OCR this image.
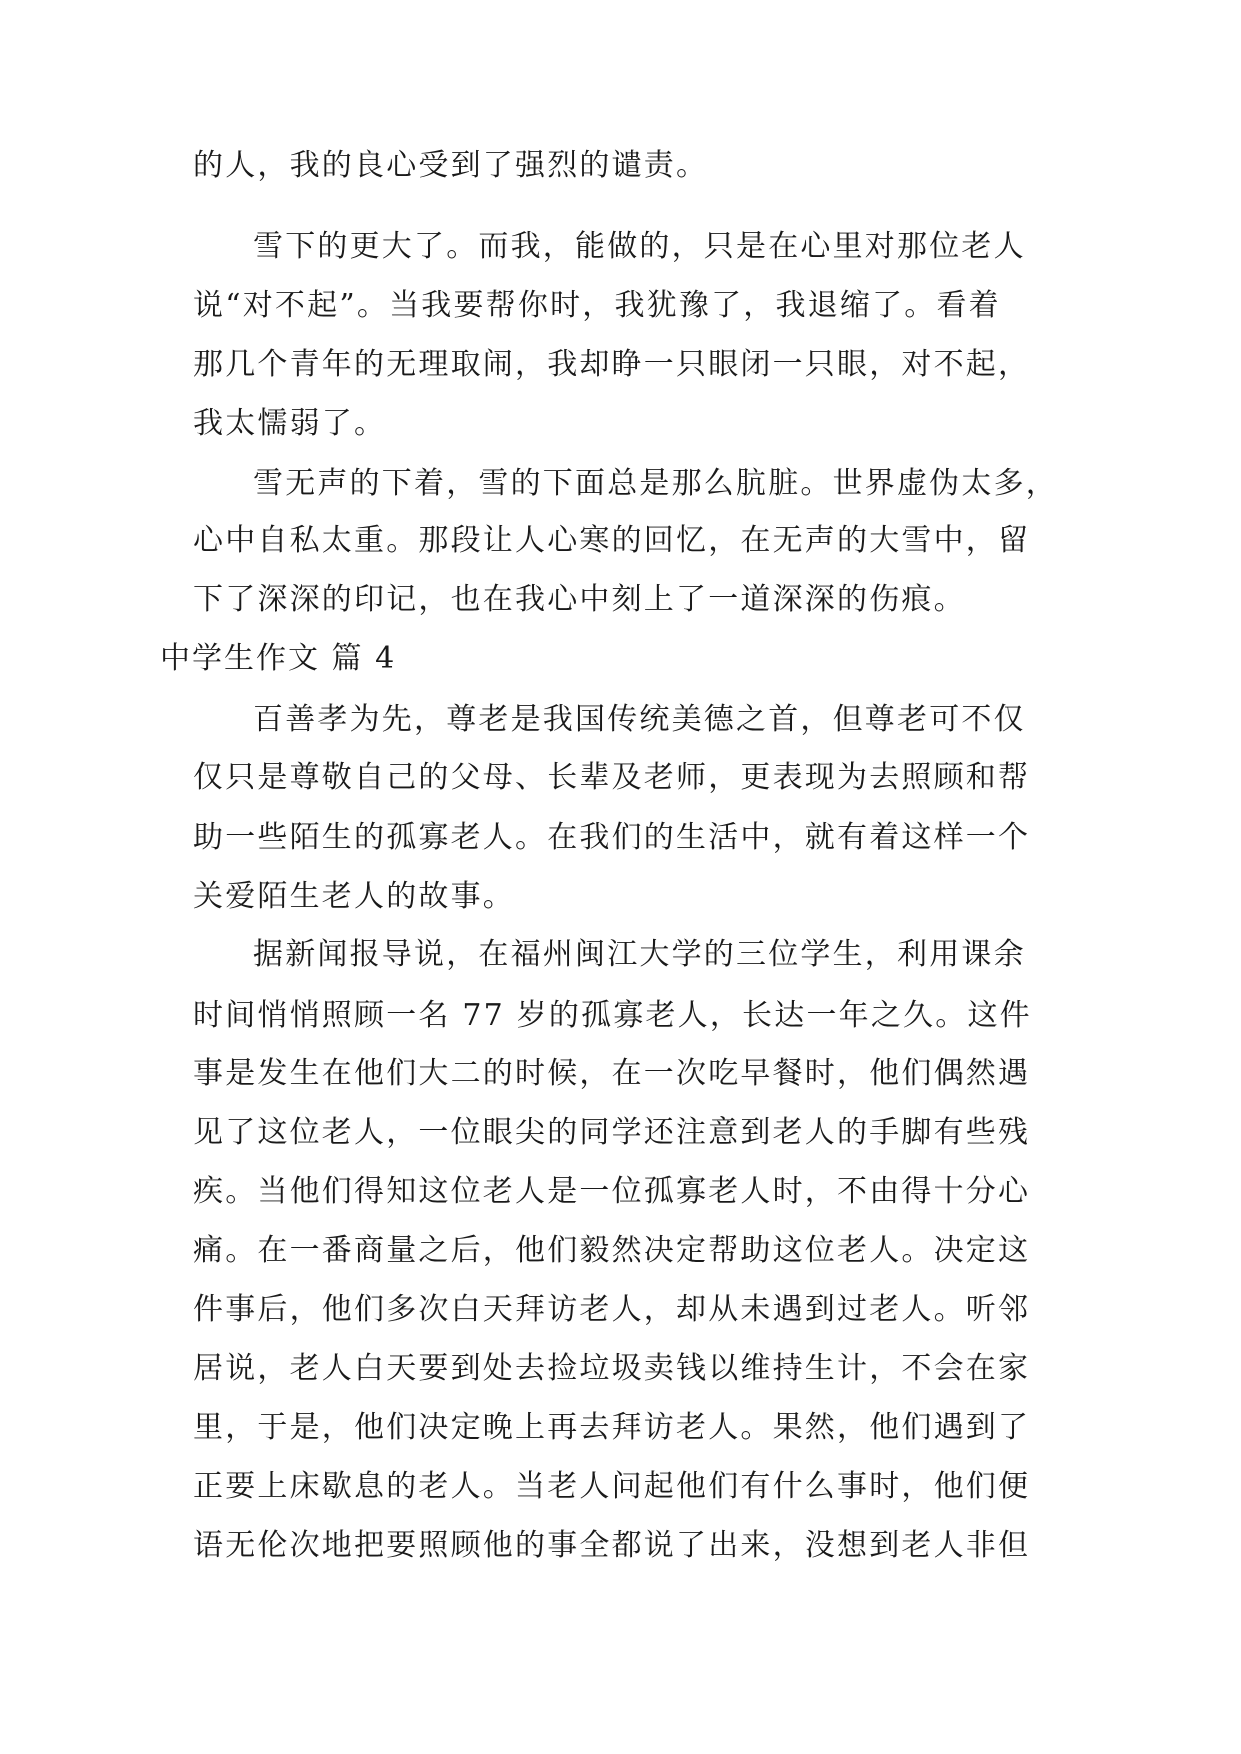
的人，我的良心受到了强烈的谴责。
雪下的更大了。而我，能做的，只是在心里对那位老人
说“对不起”。当我要帮你时，我犹豫了，我退缩了。看着
那几个青年的无理取闹，我却睁一只眼闭一只眼，对不起，
我太懦弱了。
雪无声的下着，雪的下面总是那么肮脏。世界虚伪太多，
心中自私太重。那段让人心寒的回忆，在无声的大雪中，留
下了深深的印记，也在我心中刻上了一道深深的伤痕。
中学生作文 篇 4
百善孝为先，尊老是我国传统美德之首，但尊老可不仅
仅只是尊敬自己的父母、长辈及老师，更表现为去照顾和帮
助一些陌生的孤寡老人。在我们的生活中，就有着这样一个
关爱陌生老人的故事。
据新闻报导说，在福州闽江大学的三位学生，利用课余
时间悄悄照顾一名 77 岁的孤寡老人，长达一年之久。这件
事是发生在他们大二的时候，在一次吃早餐时，他们偶然遇
见了这位老人，一位眼尖的同学还注意到老人的手脚有些残
疾。当他们得知这位老人是一位孤寡老人时，不由得十分心
痛。在一番商量之后，他们毅然决定帮助这位老人。决定这
件事后，他们多次白天拜访老人，却从未遇到过老人。听邻
居说，老人白天要到处去捡垃圾卖钱以维持生计，不会在家
里，于是，他们决定晚上再去拜访老人。果然，他们遇到了
正要上床歇息的老人。当老人问起他们有什么事时，他们便
语无伦次地把要照顾他的事全都说了出来，没想到老人非但
